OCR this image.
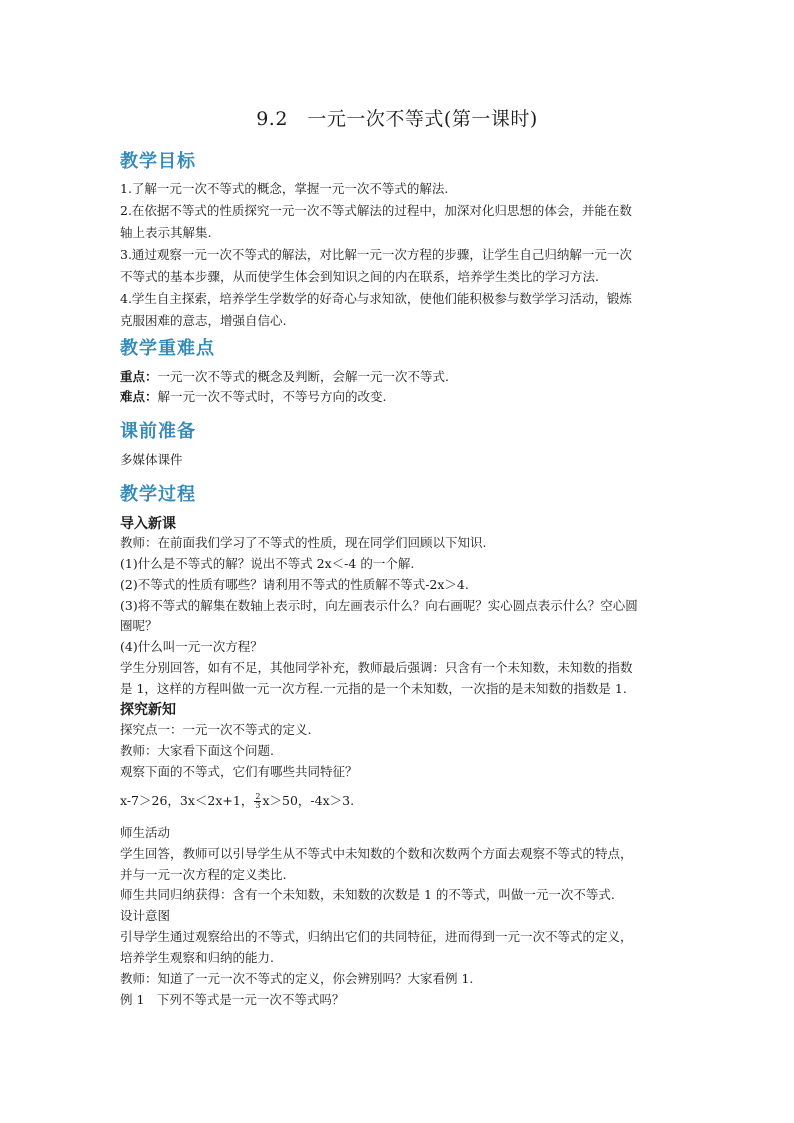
9.2　一元一次不等式(第一课时)
教学目标
1.了解一元一次不等式的概念，掌握一元一次不等式的解法.
2.在依据不等式的性质探究一元一次不等式解法的过程中，加深对化归思想的体会，并能在数
轴上表示其解集.
3.通过观察一元一次不等式的解法，对比解一元一次方程的步骤，让学生自己归纳解一元一次
不等式的基本步骤，从而使学生体会到知识之间的内在联系，培养学生类比的学习方法.
4.学生自主探索，培养学生学数学的好奇心与求知欲，使他们能积极参与数学学习活动，锻炼
克服困难的意志，增强自信心.
教学重难点
重点：一元一次不等式的概念及判断，会解一元一次不等式.
难点：解一元一次不等式时，不等号方向的改变.
课前准备
多媒体课件
教学过程
导入新课
教师：在前面我们学习了不等式的性质，现在同学们回顾以下知识.
(1)什么是不等式的解？说出不等式 2x＜-4 的一个解.
(2)不等式的性质有哪些？请利用不等式的性质解不等式-2x＞4.
(3)将不等式的解集在数轴上表示时，向左画表示什么？向右画呢？实心圆点表示什么？空心圆
圈呢？
(4)什么叫一元一次方程？
学生分别回答，如有不足，其他同学补充，教师最后强调：只含有一个未知数，未知数的指数
是 1，这样的方程叫做一元一次方程.一元指的是一个未知数，一次指的是未知数的指数是 1.
探究新知
探究点一：一元一次不等式的定义.
教师：大家看下面这个问题.
观察下面的不等式，它们有哪些共同特征？
x-7＞26，3x＜2x+1， $\frac{2}{3} x>50$，-4x＞3.
师生活动
学生回答，教师可以引导学生从不等式中未知数的个数和次数两个方面去观察不等式的特点，
并与一元一次方程的定义类比.
师生共同归纳获得：含有一个未知数，未知数的次数是 1 的不等式，叫做一元一次不等式.
设计意图
引导学生通过观察给出的不等式，归纳出它们的共同特征，进而得到一元一次不等式的定义，
培养学生观察和归纳的能力.
教师：知道了一元一次不等式的定义，你会辨别吗？大家看例 1.
例 1　下列不等式是一元一次不等式吗？
